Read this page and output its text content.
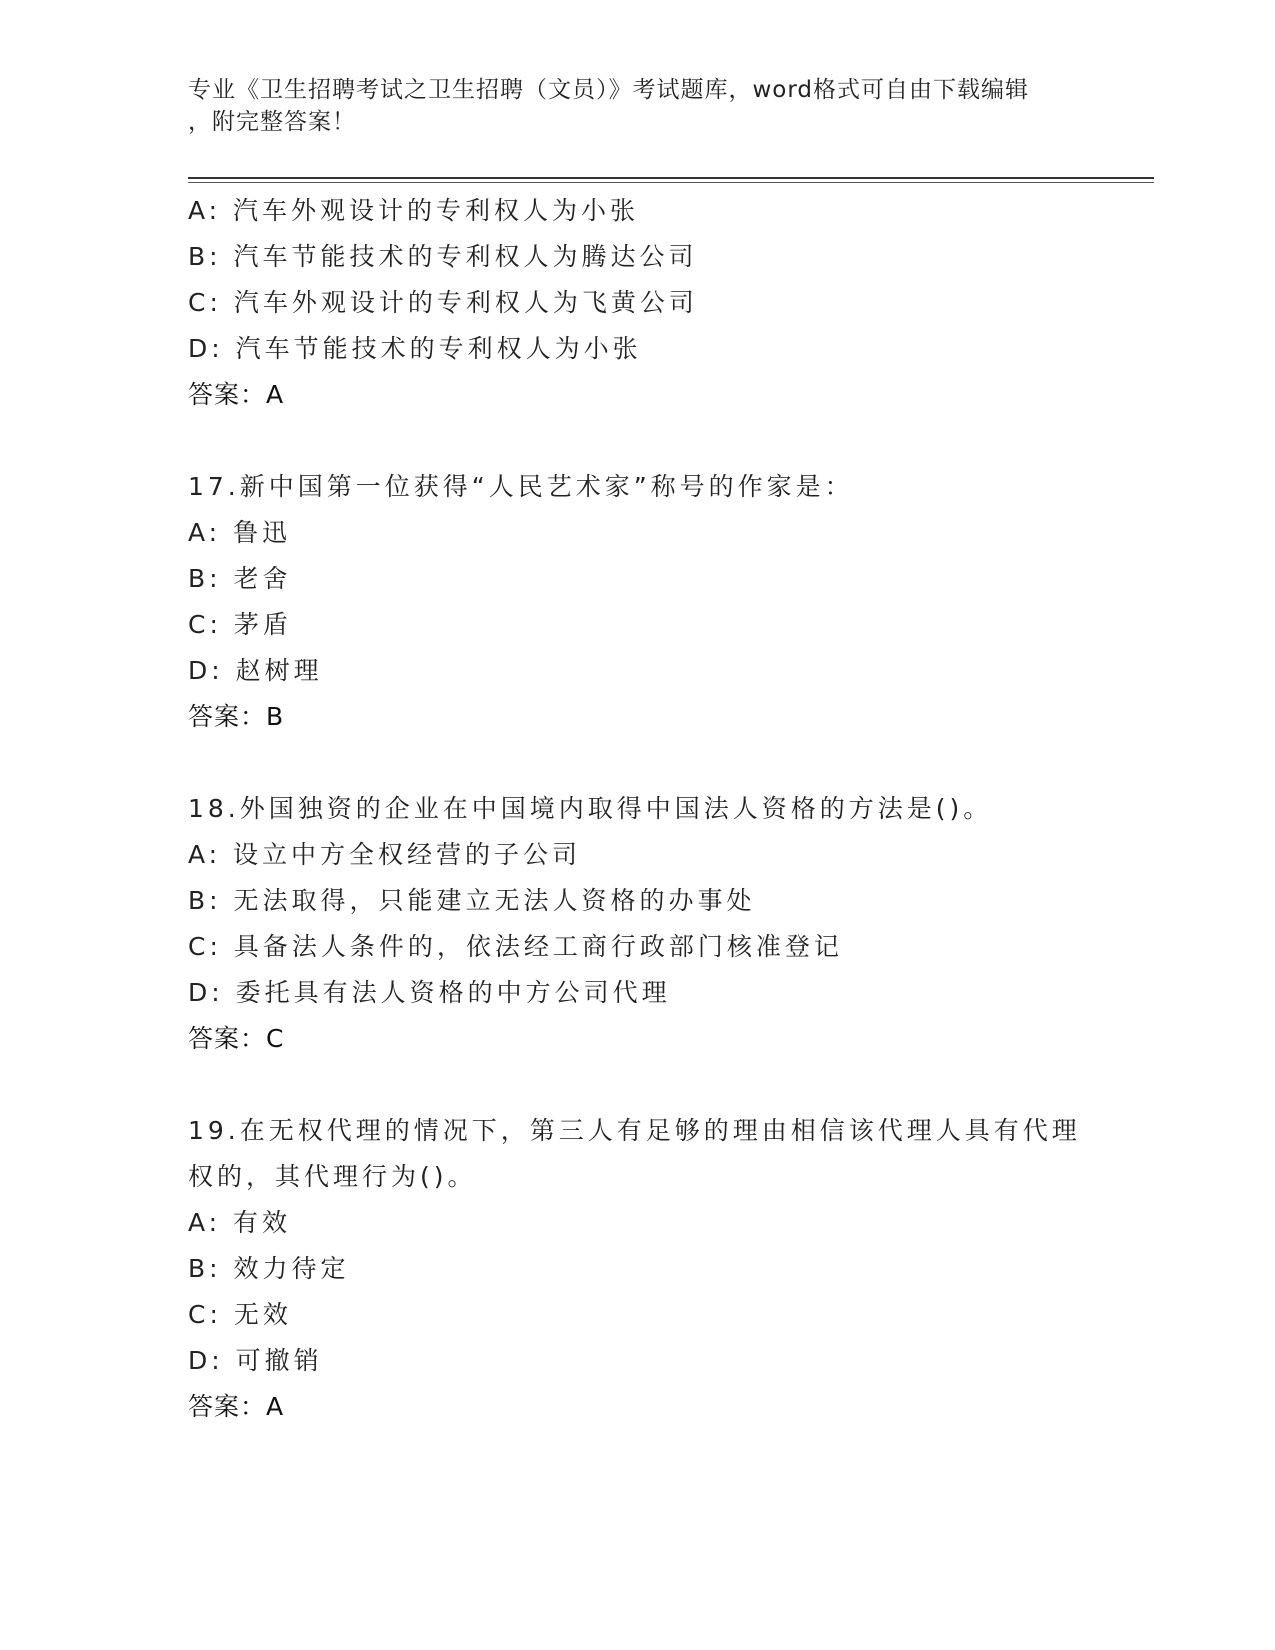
专业《卫生招聘考试之卫生招聘（文员）》考试题库，word格式可自由下载编辑
，附完整答案！
A: 汽车外观设计的专利权人为小张
B: 汽车节能技术的专利权人为腾达公司
C: 汽车外观设计的专利权人为飞黄公司
D: 汽车节能技术的专利权人为小张
答案：A
17.新中国第一位获得“人民艺术家”称号的作家是：
A: 鲁迅
B: 老舍
C: 茅盾
D: 赵树理
答案：B
18.外国独资的企业在中国境内取得中国法人资格的方法是()。
A: 设立中方全权经营的子公司
B: 无法取得，只能建立无法人资格的办事处
C: 具备法人条件的，依法经工商行政部门核准登记
D: 委托具有法人资格的中方公司代理
答案：C
19.在无权代理的情况下，第三人有足够的理由相信该代理人具有代理
权的，其代理行为()。
A: 有效
B: 效力待定
C: 无效
D: 可撤销
答案：A
